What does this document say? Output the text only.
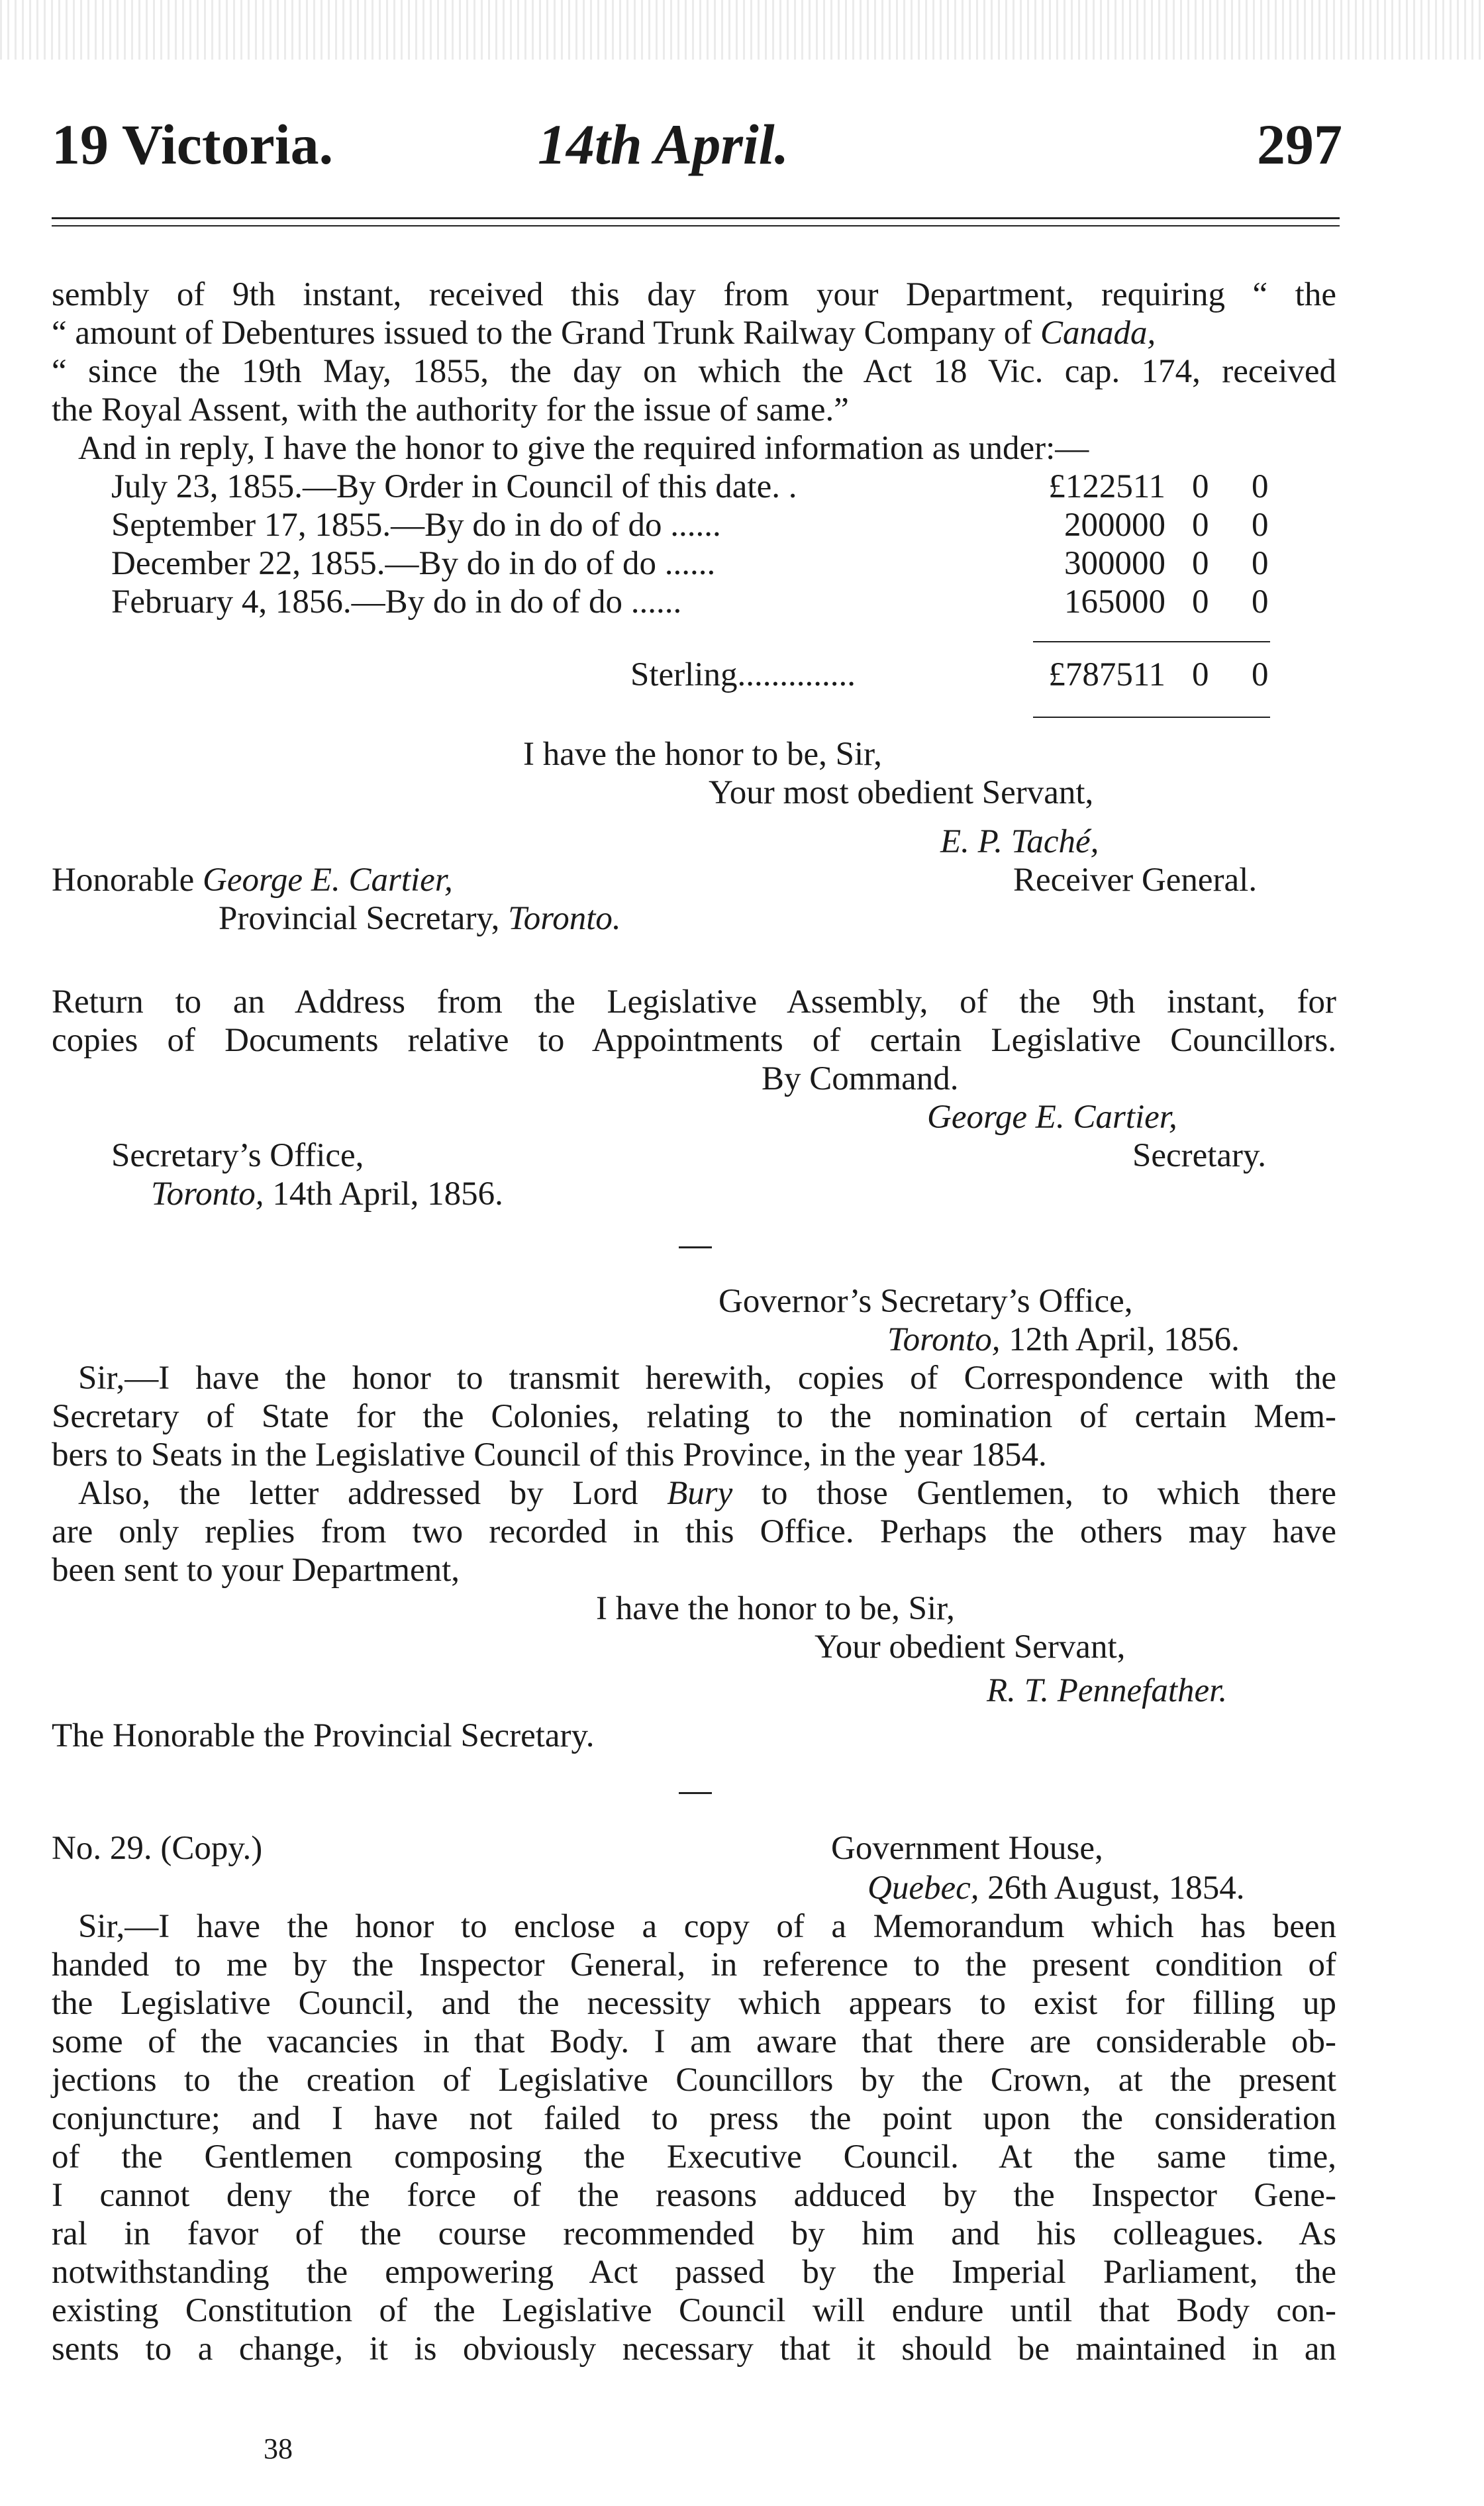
19 Victoria.	14th April.	297
sembly of 9th instant, received this day from your Department, requiring “ the
“ amount of Debentures issued to the Grand Trunk Railway Company of Canada,
“ since the 19th May, 1855, the day on which the Act 18 Vic. cap. 174, received
the Royal Assent, with the authority for the issue of same.”
And in reply, I have the honor to give the required information as under:—
July 23, 1855.—By Order in Council of this date. .	£122511 0 0
September 17, 1855.—By do in do of do ......	200000 0 0
December 22, 1855.—By do in do of do ......	300000 0 0
February 4, 1856.—By do in do of do ......	165000 0 0
Sterling..............	£787511 0 0
I have the honor to be, Sir,
Your most obedient Servant,
E. P. Taché,
Honorable George E. Cartier,	Receiver General.
Provincial Secretary, Toronto.
Return to an Address from the Legislative Assembly, of the 9th instant, for
copies of Documents relative to Appointments of certain Legislative Councillors.
By Command.
George E. Cartier,
Secretary’s Office,	Secretary.
Toronto, 14th April, 1856.
Governor’s Secretary’s Office,
Toronto, 12th April, 1856.
Sir,—I have the honor to transmit herewith, copies of Correspondence with the
Secretary of State for the Colonies, relating to the nomination of certain Mem-
bers to Seats in the Legislative Council of this Province, in the year 1854.
Also, the letter addressed by Lord Bury to those Gentlemen, to which there
are only replies from two recorded in this Office. Perhaps the others may have
been sent to your Department,
I have the honor to be, Sir,
Your obedient Servant,
R. T. Pennefather.
The Honorable the Provincial Secretary.
No. 29. (Copy.)	Government House,
Quebec, 26th August, 1854.
Sir,—I have the honor to enclose a copy of a Memorandum which has been
handed to me by the Inspector General, in reference to the present condition of
the Legislative Council, and the necessity which appears to exist for filling up
some of the vacancies in that Body. I am aware that there are considerable ob-
jections to the creation of Legislative Councillors by the Crown, at the present
conjuncture; and I have not failed to press the point upon the consideration
of the Gentlemen composing the Executive Council. At the same time,
I cannot deny the force of the reasons adduced by the Inspector Gene-
ral in favor of the course recommended by him and his colleagues. As
notwithstanding the empowering Act passed by the Imperial Parliament, the
existing Constitution of the Legislative Council will endure until that Body con-
sents to a change, it is obviously necessary that it should be maintained in an
38
